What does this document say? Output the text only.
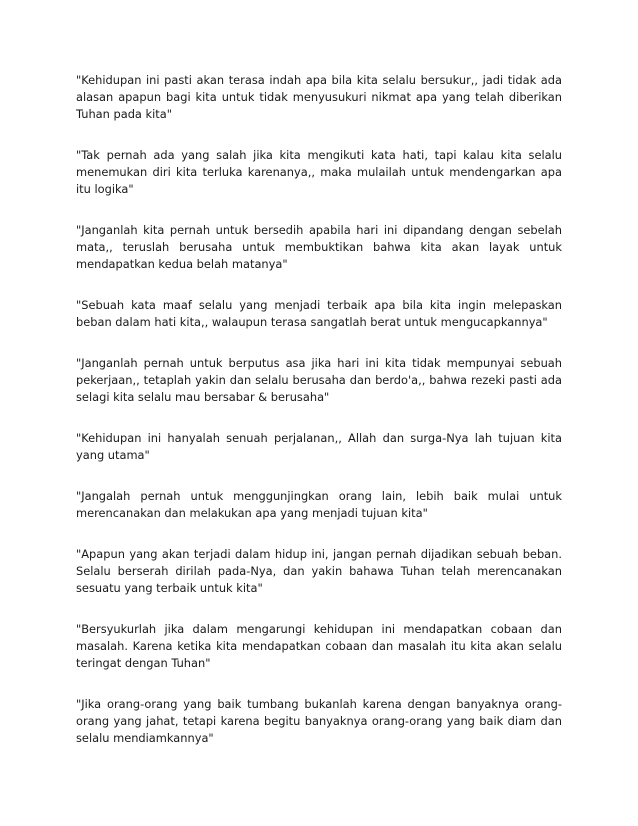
"Kehidupan ini pasti akan terasa indah apa bila kita selalu bersukur,, jadi tidak ada alasan apapun bagi kita untuk tidak menyusukuri nikmat apa yang telah diberikan Tuhan pada kita"

"Tak pernah ada yang salah jika kita mengikuti kata hati, tapi kalau kita selalu menemukan diri kita terluka karenanya,, maka mulailah untuk mendengarkan apa itu logika"

"Janganlah kita pernah untuk bersedih apabila hari ini dipandang dengan sebelah mata,, teruslah berusaha untuk membuktikan bahwa kita akan layak untuk mendapatkan kedua belah matanya"

"Sebuah kata maaf selalu yang menjadi terbaik apa bila kita ingin melepaskan beban dalam hati kita,, walaupun terasa sangatlah berat untuk mengucapkannya"

"Janganlah pernah untuk berputus asa jika hari ini kita tidak mempunyai sebuah pekerjaan,, tetaplah yakin dan selalu berusaha dan berdo'a,, bahwa rezeki pasti ada selagi kita selalu mau bersabar & berusaha"

"Kehidupan ini hanyalah senuah perjalanan,, Allah dan surga-Nya lah tujuan kita yang utama"

"Jangalah pernah untuk menggunjingkan orang lain, lebih baik mulai untuk merencanakan dan melakukan apa yang menjadi tujuan kita"

"Apapun yang akan terjadi dalam hidup ini, jangan pernah dijadikan sebuah beban. Selalu berserah dirilah pada-Nya, dan yakin bahawa Tuhan telah merencanakan sesuatu yang terbaik untuk kita"

"Bersyukurlah jika dalam mengarungi kehidupan ini mendapatkan cobaan dan masalah. Karena ketika kita mendapatkan cobaan dan masalah itu kita akan selalu teringat dengan Tuhan"

"Jika orang-orang yang baik tumbang bukanlah karena dengan banyaknya orang-orang yang jahat, tetapi karena begitu banyaknya orang-orang yang baik diam dan selalu mendiamkannya"
